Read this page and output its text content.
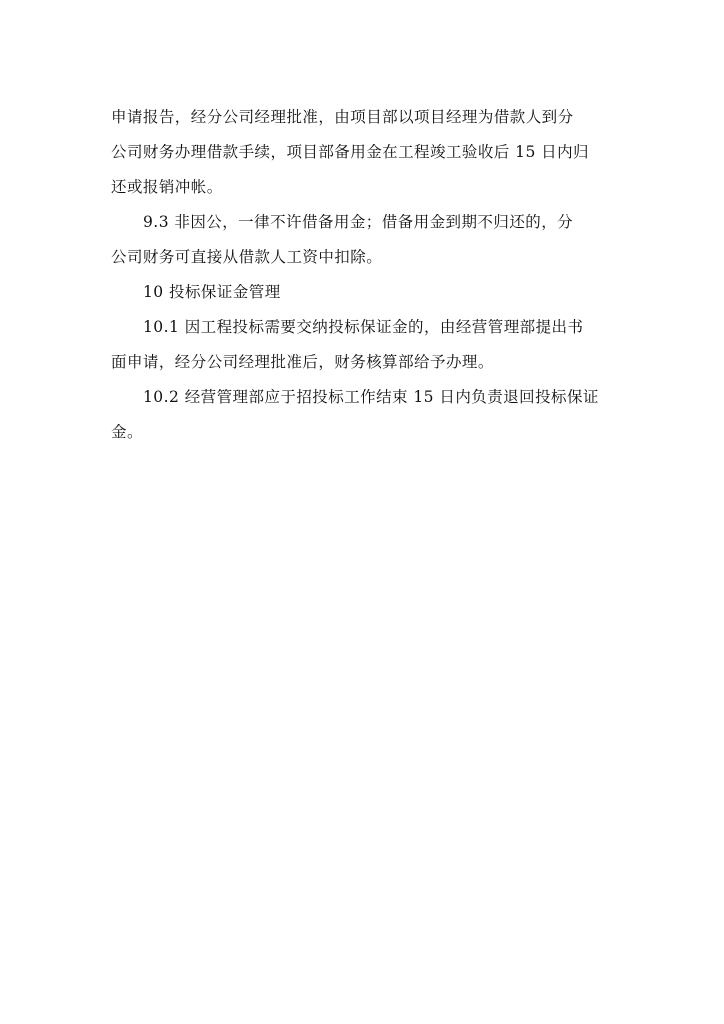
申请报告，经分公司经理批准，由项目部以项目经理为借款人到分
公司财务办理借款手续，项目部备用金在工程竣工验收后 15 日内归
还或报销冲帐。

9.3 非因公，一律不许借备用金；借备用金到期不归还的，分
公司财务可直接从借款人工资中扣除。

10 投标保证金管理

10.1 因工程投标需要交纳投标保证金的，由经营管理部提出书
面申请，经分公司经理批准后，财务核算部给予办理。

10.2 经营管理部应于招投标工作结束 15 日内负责退回投标保证
金。
